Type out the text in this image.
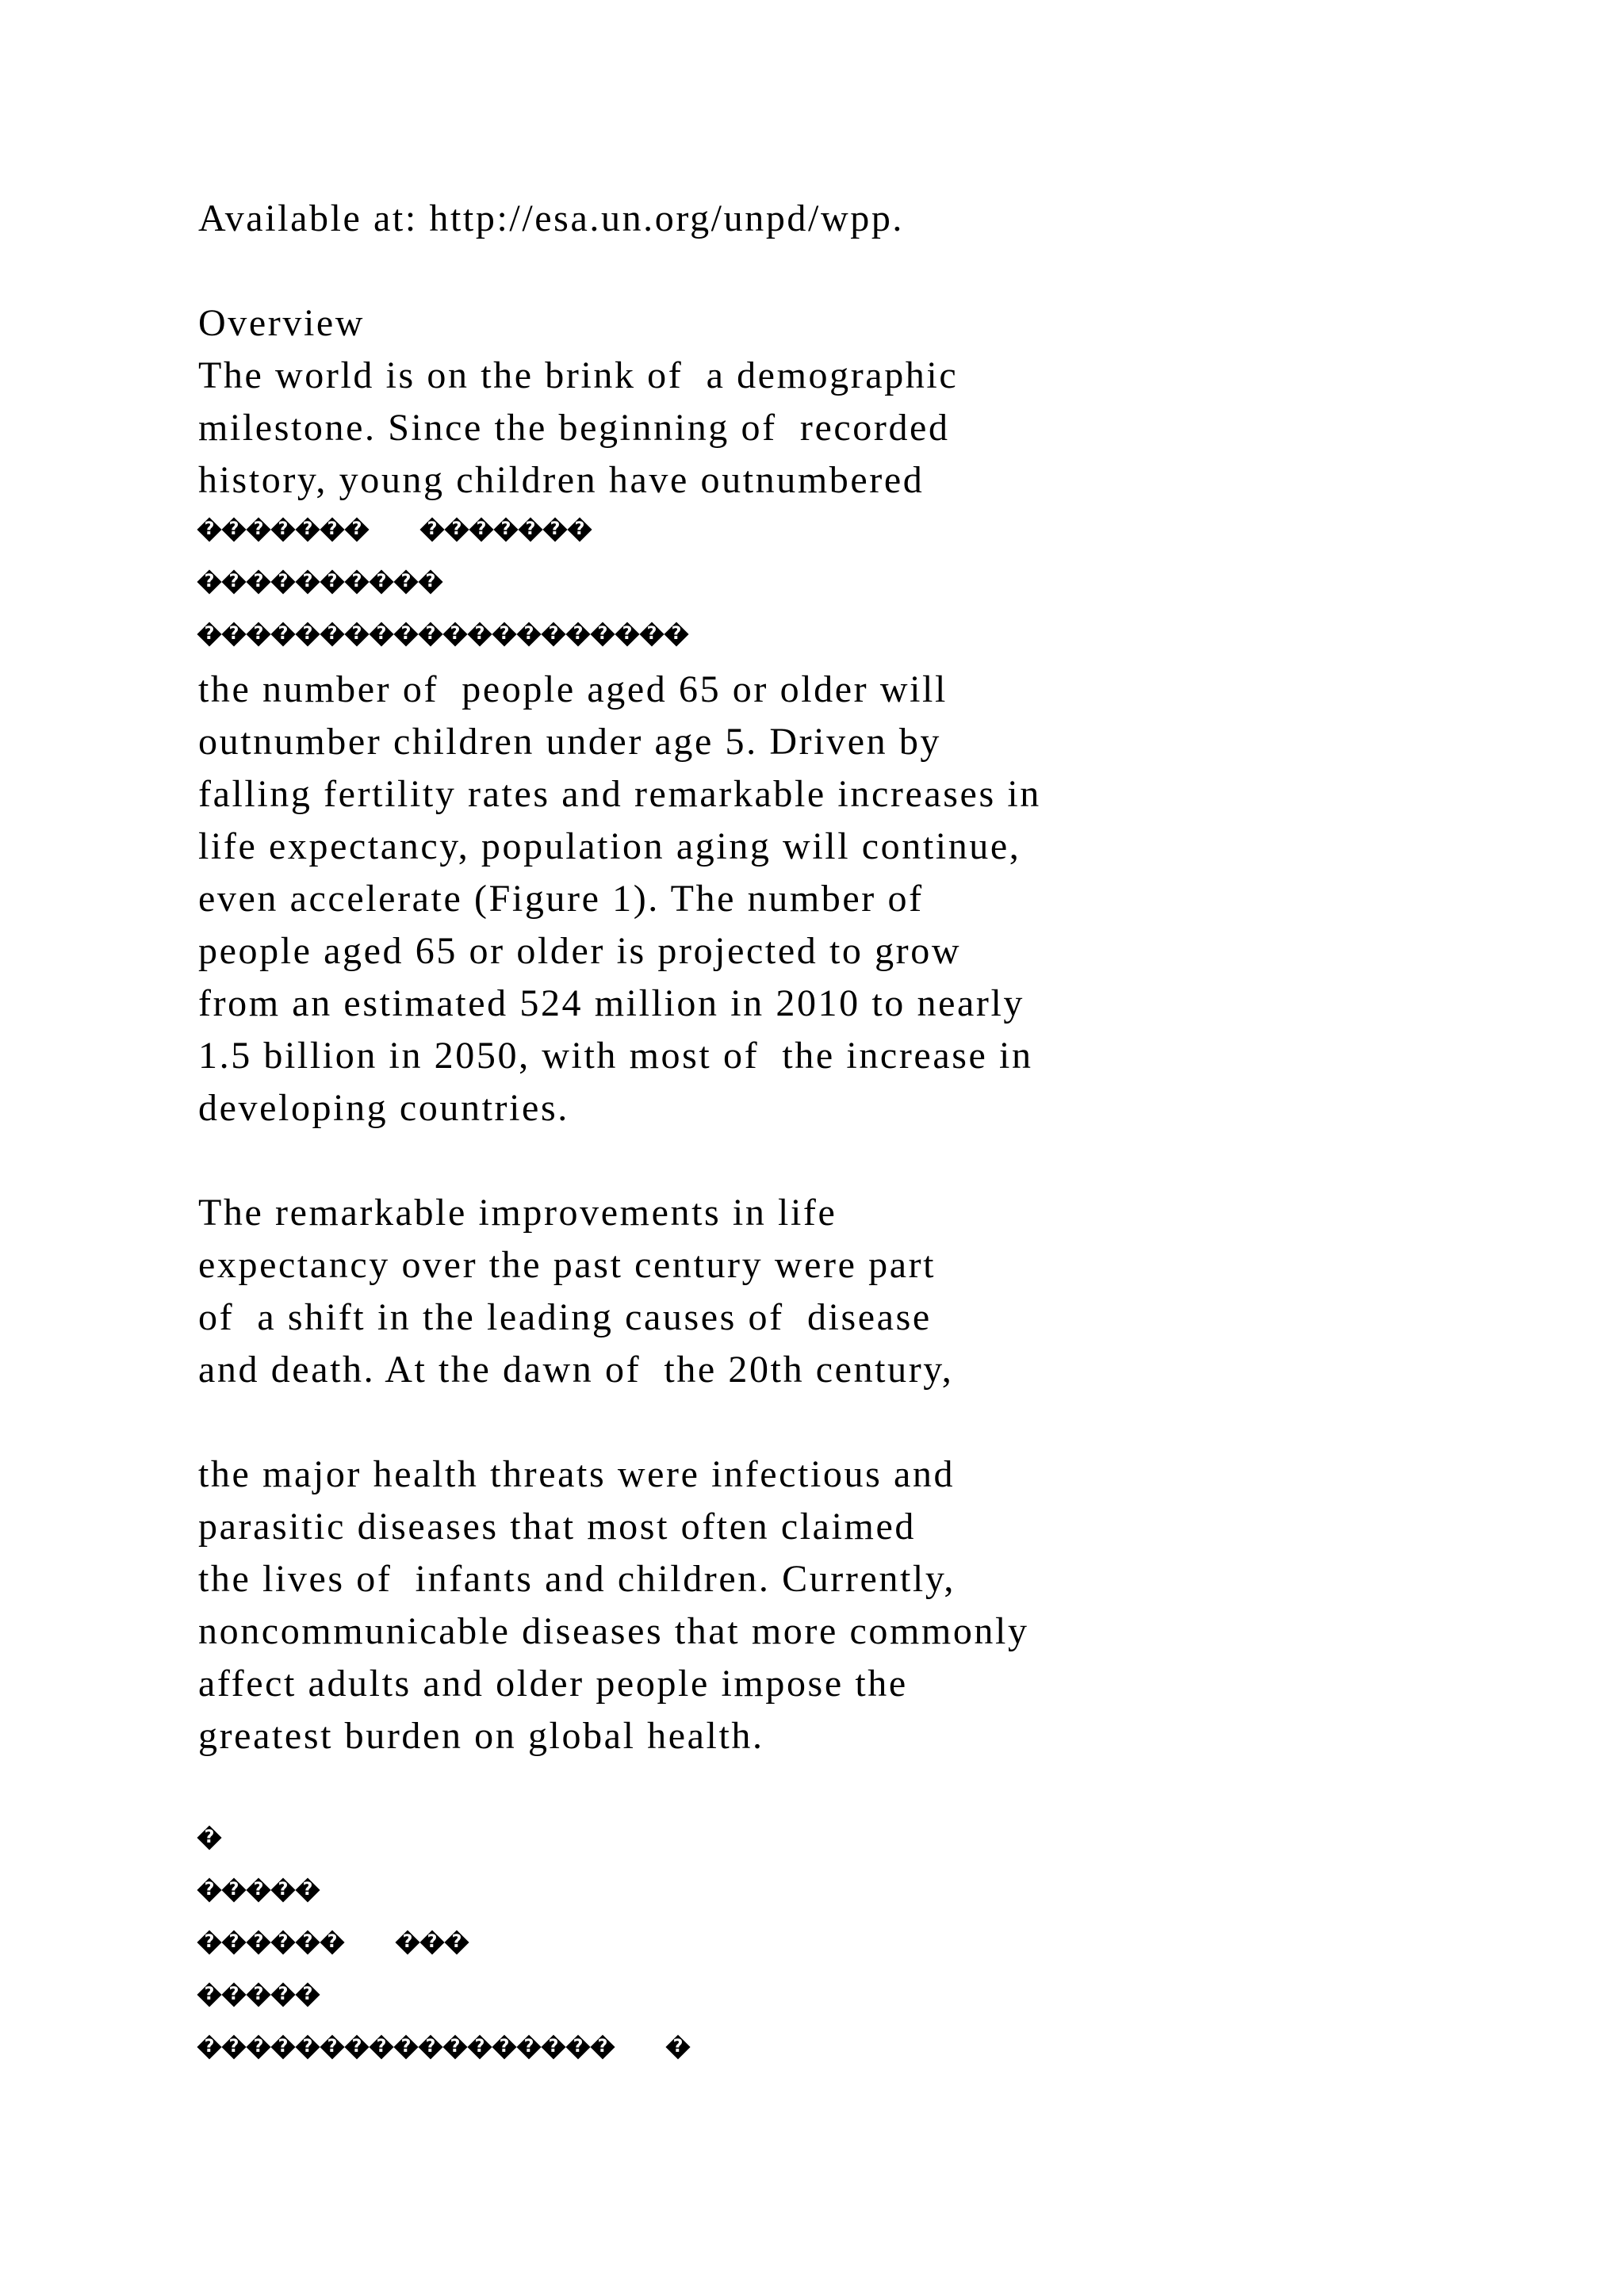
Available at: http://esa.un.org/unpd/wpp.
Overview
The world is on the brink of  a demographic
milestone. Since the beginning of  recorded
history, young children have outnumbered
? ? ? ? ? ? ? ? ? ? ? ? ? ?
? ? ? ? ? ? ? ? ? ?
? ? ? ? ? ? ? ? ? ? ? ? ? ? ? ? ? ? ? ?
the number of  people aged 65 or older will
outnumber children under age 5. Driven by
falling fertility rates and remarkable increases in
life expectancy, population aging will continue,
even accelerate (Figure 1). The number of
people aged 65 or older is projected to grow
from an estimated 524 million in 2010 to nearly
1.5 billion in 2050, with most of  the increase in
developing countries.
The remarkable improvements in life
expectancy over the past century were part
of  a shift in the leading causes of  disease
and death. At the dawn of  the 20th century,
the major health threats were infectious and
parasitic diseases that most often claimed
the lives of  infants and children. Currently,
noncommunicable diseases that more commonly
affect adults and older people impose the
greatest burden on global health.
?
? ? ? ? ?
? ? ? ? ? ? ? ? ?
? ? ? ? ?
? ? ? ? ? ? ? ? ? ? ? ? ? ? ? ? ? ?
